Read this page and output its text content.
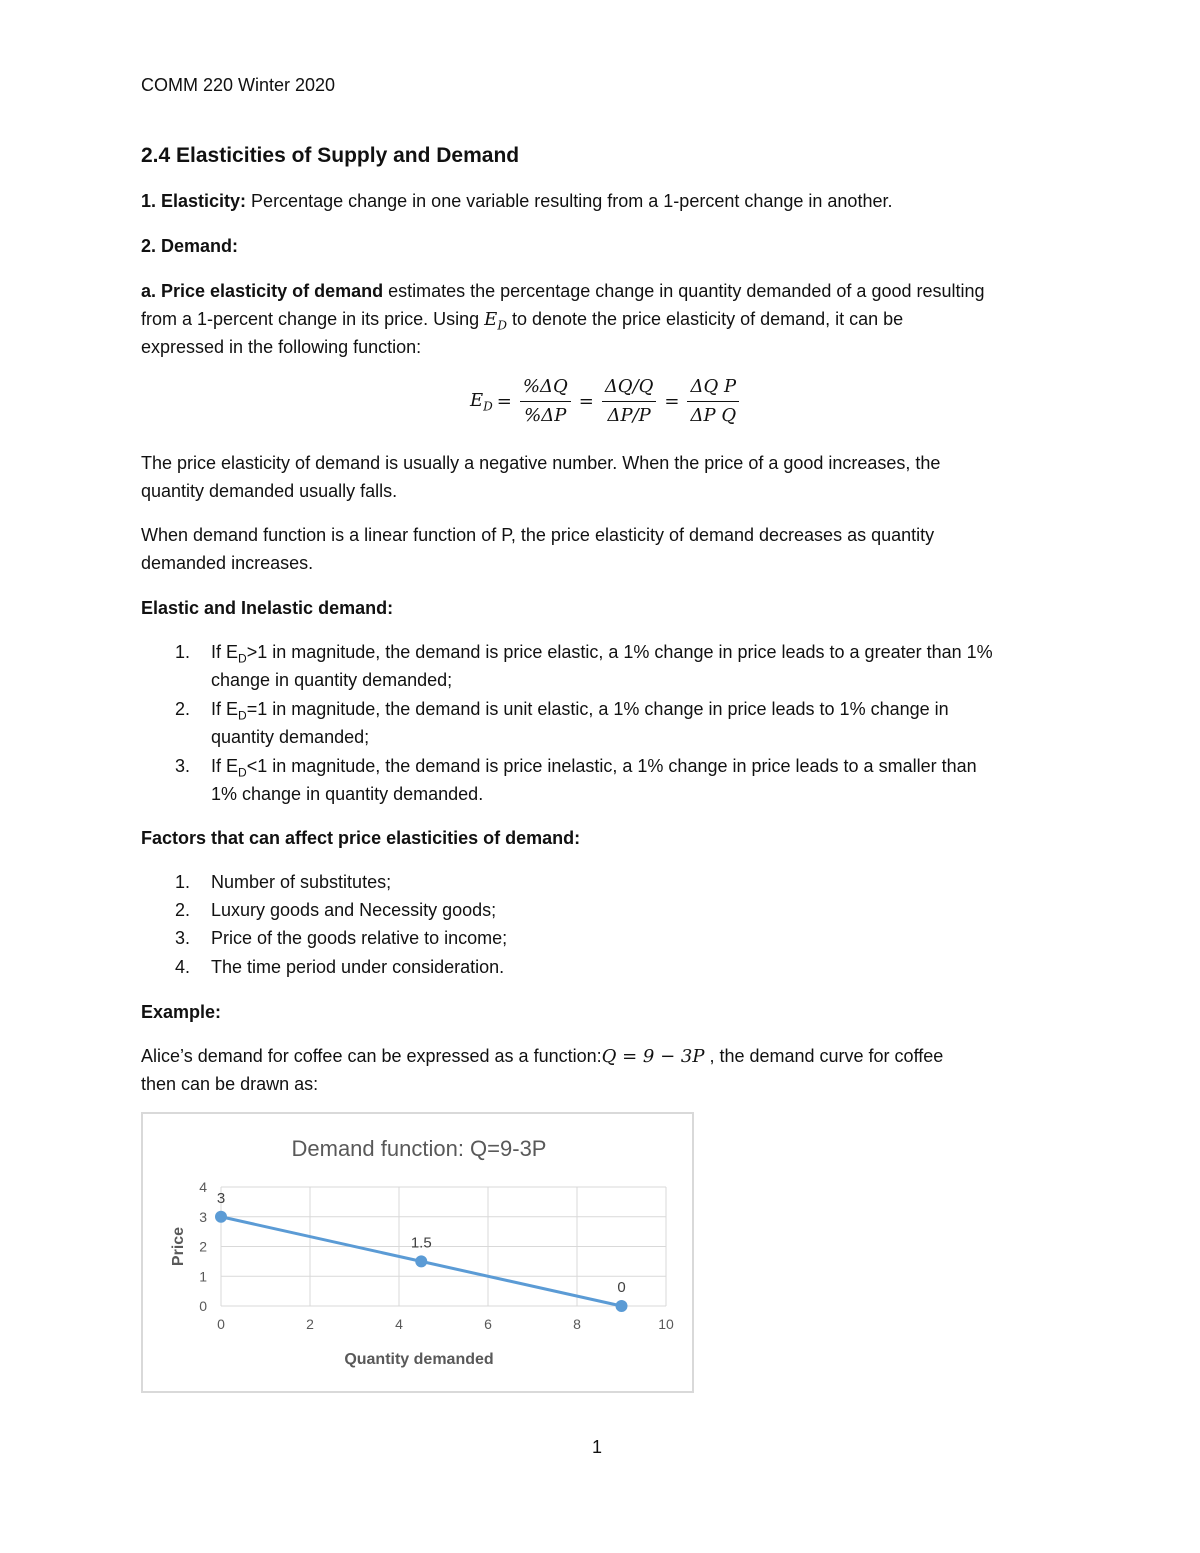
COMM 220 Winter 2020
2.4 Elasticities of Supply and Demand
1. Elasticity: Percentage change in one variable resulting from a 1-percent change in another.
2. Demand:
a. Price elasticity of demand estimates the percentage change in quantity demanded of a good resulting
from a 1-percent change in its price. Using $E_D$ to denote the price elasticity of demand, it can be
expressed in the following function:
$E_D = \frac{\%\Delta Q}{\%\Delta P} = \frac{\Delta Q/Q}{\Delta P/P} = \frac{\text{ΔQ P}}{\text{ΔP Q}}$
The price elasticity of demand is usually a negative number. When the price of a good increases, the
quantity demanded usually falls.
When demand function is a linear function of P, the price elasticity of demand decreases as quantity
demanded increases.
Elastic and Inelastic demand:
1. If $E_D>1$ in magnitude, the demand is price elastic, a 1% change in price leads to a greater than 1%
change in quantity demanded;
2. If $E_D=1$ in magnitude, the demand is unit elastic, a 1% change in price leads to 1% change in
quantity demanded;
3. If $E_D<1$ in magnitude, the demand is price inelastic, a 1% change in price leads to a smaller than
1% change in quantity demanded.
Factors that can affect price elasticities of demand:
1. Number of substitutes;
2. Luxury goods and Necessity goods;
3. Price of the goods relative to income;
4. The time period under consideration.
Example:
Alice’s demand for coffee can be expressed as a function:Q = 9 − 3P , the demand curve for coffee
then can be drawn as:
Demand function: Q=9-3P
0
1
2
3
4
0	2	4	6	8	10
Quantity demanded
Price
3
1.5
0
1
